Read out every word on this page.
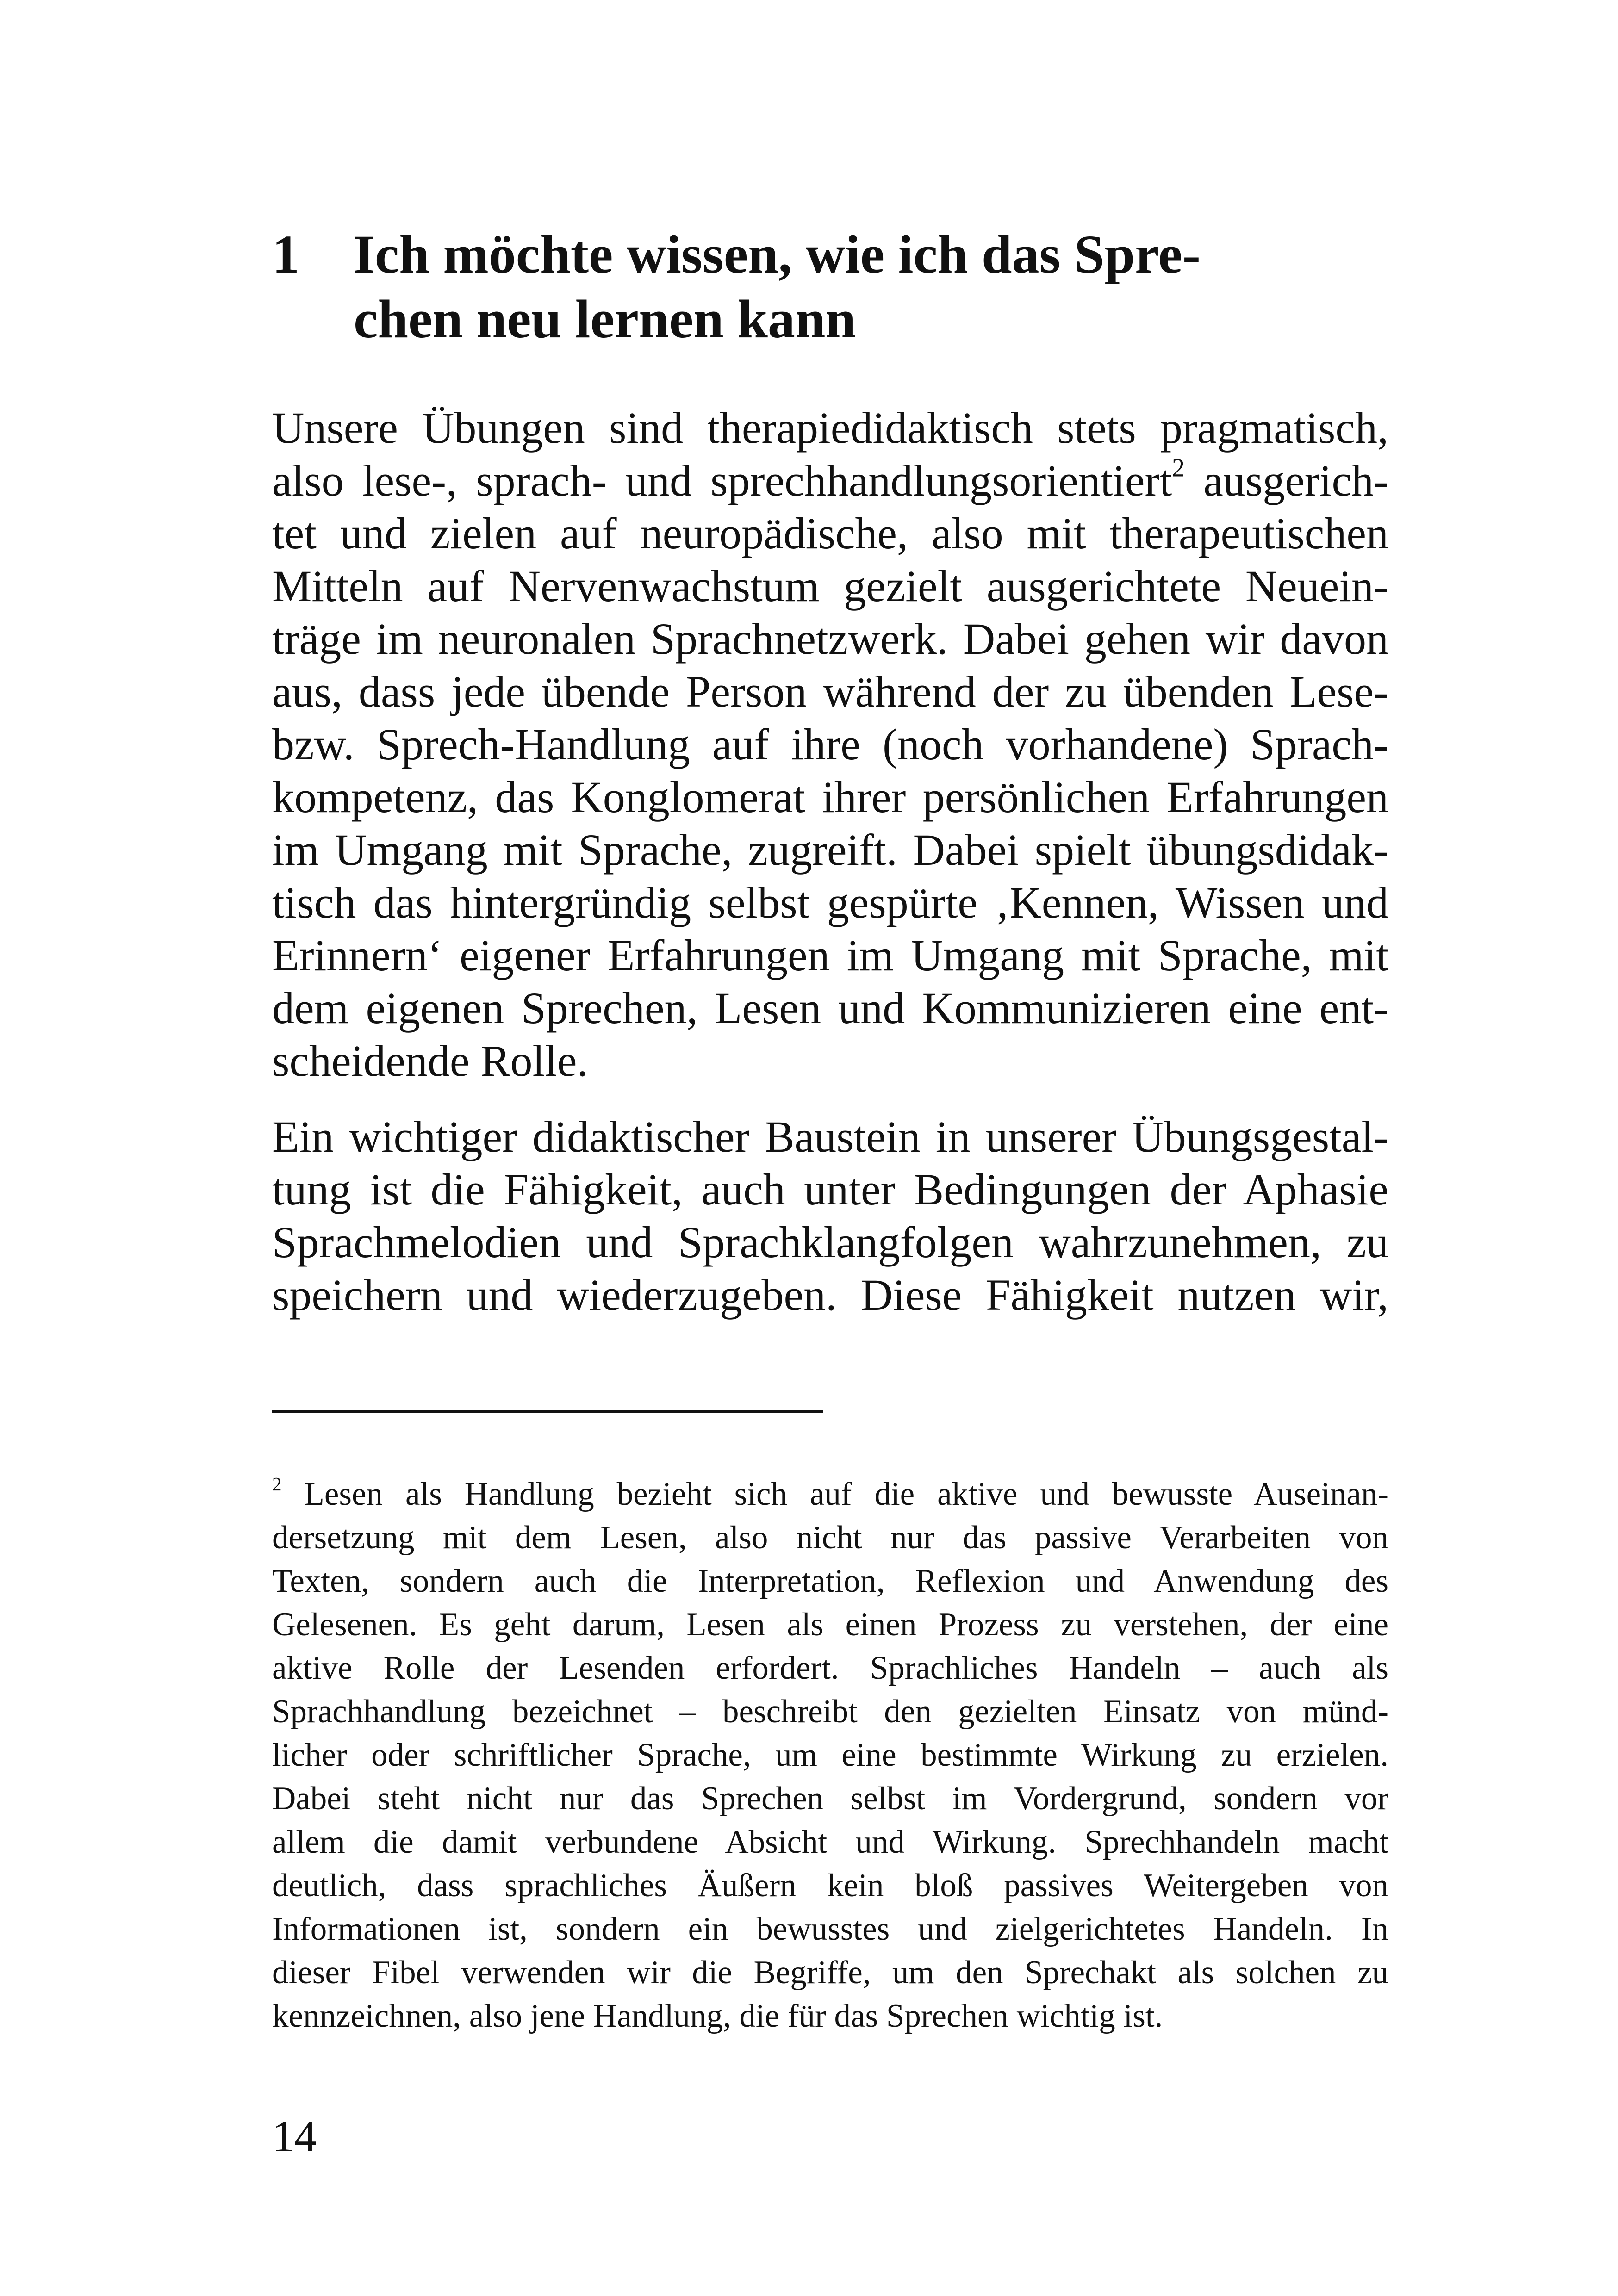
1 Ich möchte wissen, wie ich das Spre-
chen neu lernen kann

Unsere Übungen sind therapiedidaktisch stets pragmatisch,
also lese-, sprach- und sprechhandlungsorientiert$^2$ ausgerich-
tet und zielen auf neuropädische, also mit therapeutischen
Mitteln auf Nervenwachstum gezielt ausgerichtete Neuein-
träge im neuronalen Sprachnetzwerk. Dabei gehen wir davon
aus, dass jede übende Person während der zu übenden Lese-
bzw. Sprech-Handlung auf ihre (noch vorhandene) Sprach-
kompetenz, das Konglomerat ihrer persönlichen Erfahrungen
im Umgang mit Sprache, zugreift. Dabei spielt übungsdidak-
tisch das hintergründig selbst gespürte ‚Kennen, Wissen und
Erinnern‘ eigener Erfahrungen im Umgang mit Sprache, mit
dem eigenen Sprechen, Lesen und Kommunizieren eine ent-
scheidende Rolle.

Ein wichtiger didaktischer Baustein in unserer Übungsgestal-
tung ist die Fähigkeit, auch unter Bedingungen der Aphasie
Sprachmelodien und Sprachklangfolgen wahrzunehmen, zu
speichern und wiederzugeben. Diese Fähigkeit nutzen wir,

$^2$ Lesen als Handlung bezieht sich auf die aktive und bewusste Auseinan-
dersetzung mit dem Lesen, also nicht nur das passive Verarbeiten von
Texten, sondern auch die Interpretation, Reflexion und Anwendung des
Gelesenen. Es geht darum, Lesen als einen Prozess zu verstehen, der eine
aktive Rolle der Lesenden erfordert. Sprachliches Handeln – auch als
Sprachhandlung bezeichnet – beschreibt den gezielten Einsatz von münd-
licher oder schriftlicher Sprache, um eine bestimmte Wirkung zu erzielen.
Dabei steht nicht nur das Sprechen selbst im Vordergrund, sondern vor
allem die damit verbundene Absicht und Wirkung. Sprechhandeln macht
deutlich, dass sprachliches Äußern kein bloß passives Weitergeben von
Informationen ist, sondern ein bewusstes und zielgerichtetes Handeln. In
dieser Fibel verwenden wir die Begriffe, um den Sprechakt als solchen zu
kennzeichnen, also jene Handlung, die für das Sprechen wichtig ist.
14
